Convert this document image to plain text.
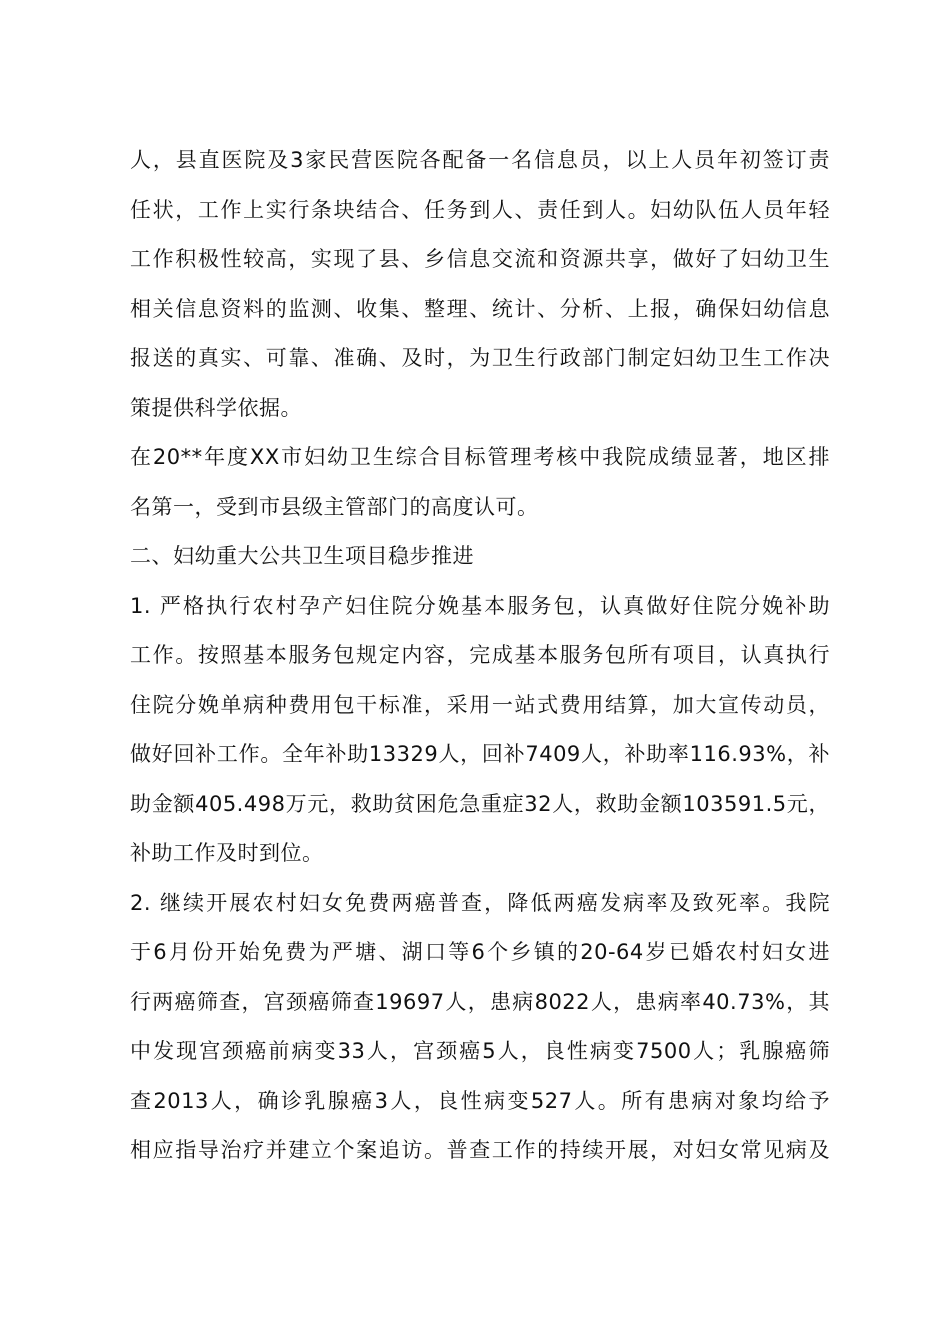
人，县直医院及3家民营医院各配备一名信息员，以上人员年初签订责
任状，工作上实行条块结合、任务到人、责任到人。妇幼队伍人员年轻
工作积极性较高，实现了县、乡信息交流和资源共享，做好了妇幼卫生
相关信息资料的监测、收集、整理、统计、分析、上报，确保妇幼信息
报送的真实、可靠、准确、及时，为卫生行政部门制定妇幼卫生工作决
策提供科学依据。
在20**年度XX市妇幼卫生综合目标管理考核中我院成绩显著，地区排
名第一，受到市县级主管部门的高度认可。
二、妇幼重大公共卫生项目稳步推进
1. 严格执行农村孕产妇住院分娩基本服务包，认真做好住院分娩补助
工作。按照基本服务包规定内容，完成基本服务包所有项目，认真执行
住院分娩单病种费用包干标准，采用一站式费用结算，加大宣传动员，
做好回补工作。全年补助13329人，回补7409人，补助率116.93%，补
助金额405.498万元，救助贫困危急重症32人，救助金额103591.5元，
补助工作及时到位。
2. 继续开展农村妇女免费两癌普查，降低两癌发病率及致死率。我院
于6月份开始免费为严塘、湖口等6个乡镇的20-64岁已婚农村妇女进
行两癌筛查，宫颈癌筛查19697人，患病8022人，患病率40.73%，其
中发现宫颈癌前病变33人，宫颈癌5人，良性病变7500人；乳腺癌筛
查2013人，确诊乳腺癌3人，良性病变527人。所有患病对象均给予
相应指导治疗并建立个案追访。普查工作的持续开展，对妇女常见病及
